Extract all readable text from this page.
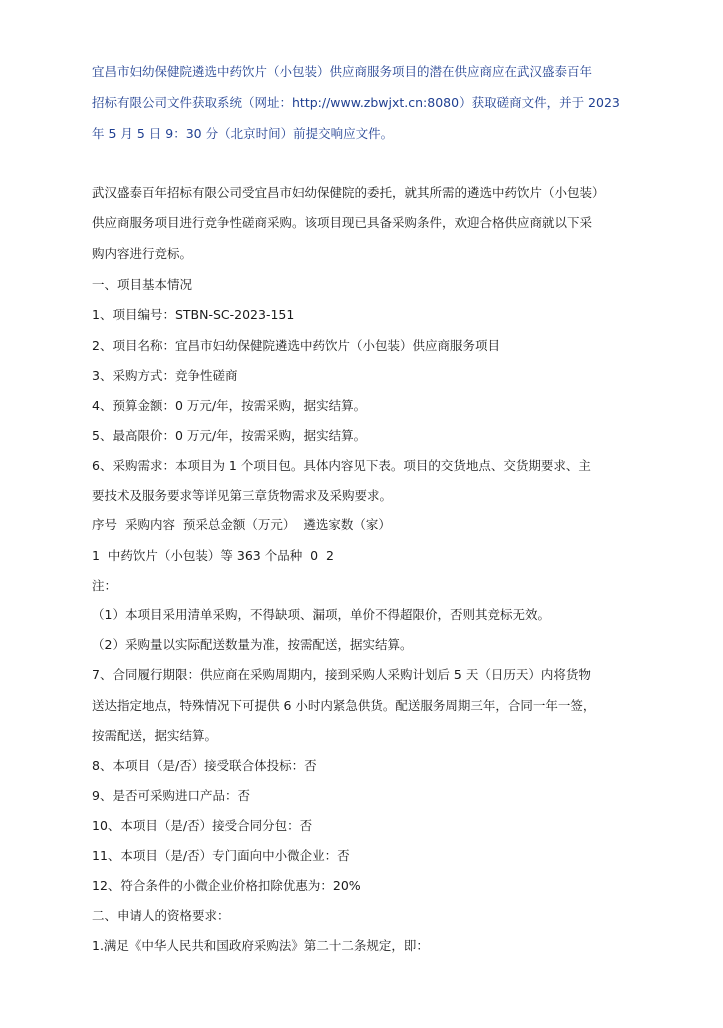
宜昌市妇幼保健院遴选中药饮片（小包装）供应商服务项目的潜在供应商应在武汉盛泰百年
招标有限公司文件获取系统（网址：http://www.zbwjxt.cn:8080）获取磋商文件，并于 2023
年 5 月 5 日 9：30 分（北京时间）前提交响应文件。
武汉盛泰百年招标有限公司受宜昌市妇幼保健院的委托，就其所需的遴选中药饮片（小包装）
供应商服务项目进行竞争性磋商采购。该项目现已具备采购条件，欢迎合格供应商就以下采
购内容进行竞标。
一、项目基本情况
1、项目编号：STBN-SC-2023-151
2、项目名称：宜昌市妇幼保健院遴选中药饮片（小包装）供应商服务项目
3、采购方式：竞争性磋商
4、预算金额：0 万元/年，按需采购，据实结算。
5、最高限价：0 万元/年，按需采购，据实结算。
6、采购需求：本项目为 1 个项目包。具体内容见下表。项目的交货地点、交货期要求、主
要技术及服务要求等详见第三章货物需求及采购要求。
序号  采购内容  预采总金额（万元）  遴选家数（家）
1  中药饮片（小包装）等 363 个品种  0  2
注：
（1）本项目采用清单采购，不得缺项、漏项，单价不得超限价，否则其竞标无效。
（2）采购量以实际配送数量为准，按需配送，据实结算。
7、合同履行期限：供应商在采购周期内，接到采购人采购计划后 5 天（日历天）内将货物
送达指定地点，特殊情况下可提供 6 小时内紧急供货。配送服务周期三年，合同一年一签，
按需配送，据实结算。
8、本项目（是/否）接受联合体投标：否
9、是否可采购进口产品：否
10、本项目（是/否）接受合同分包：否
11、本项目（是/否）专门面向中小微企业：否
12、符合条件的小微企业价格扣除优惠为：20%
二、申请人的资格要求：
1.满足《中华人民共和国政府采购法》第二十二条规定，即：
